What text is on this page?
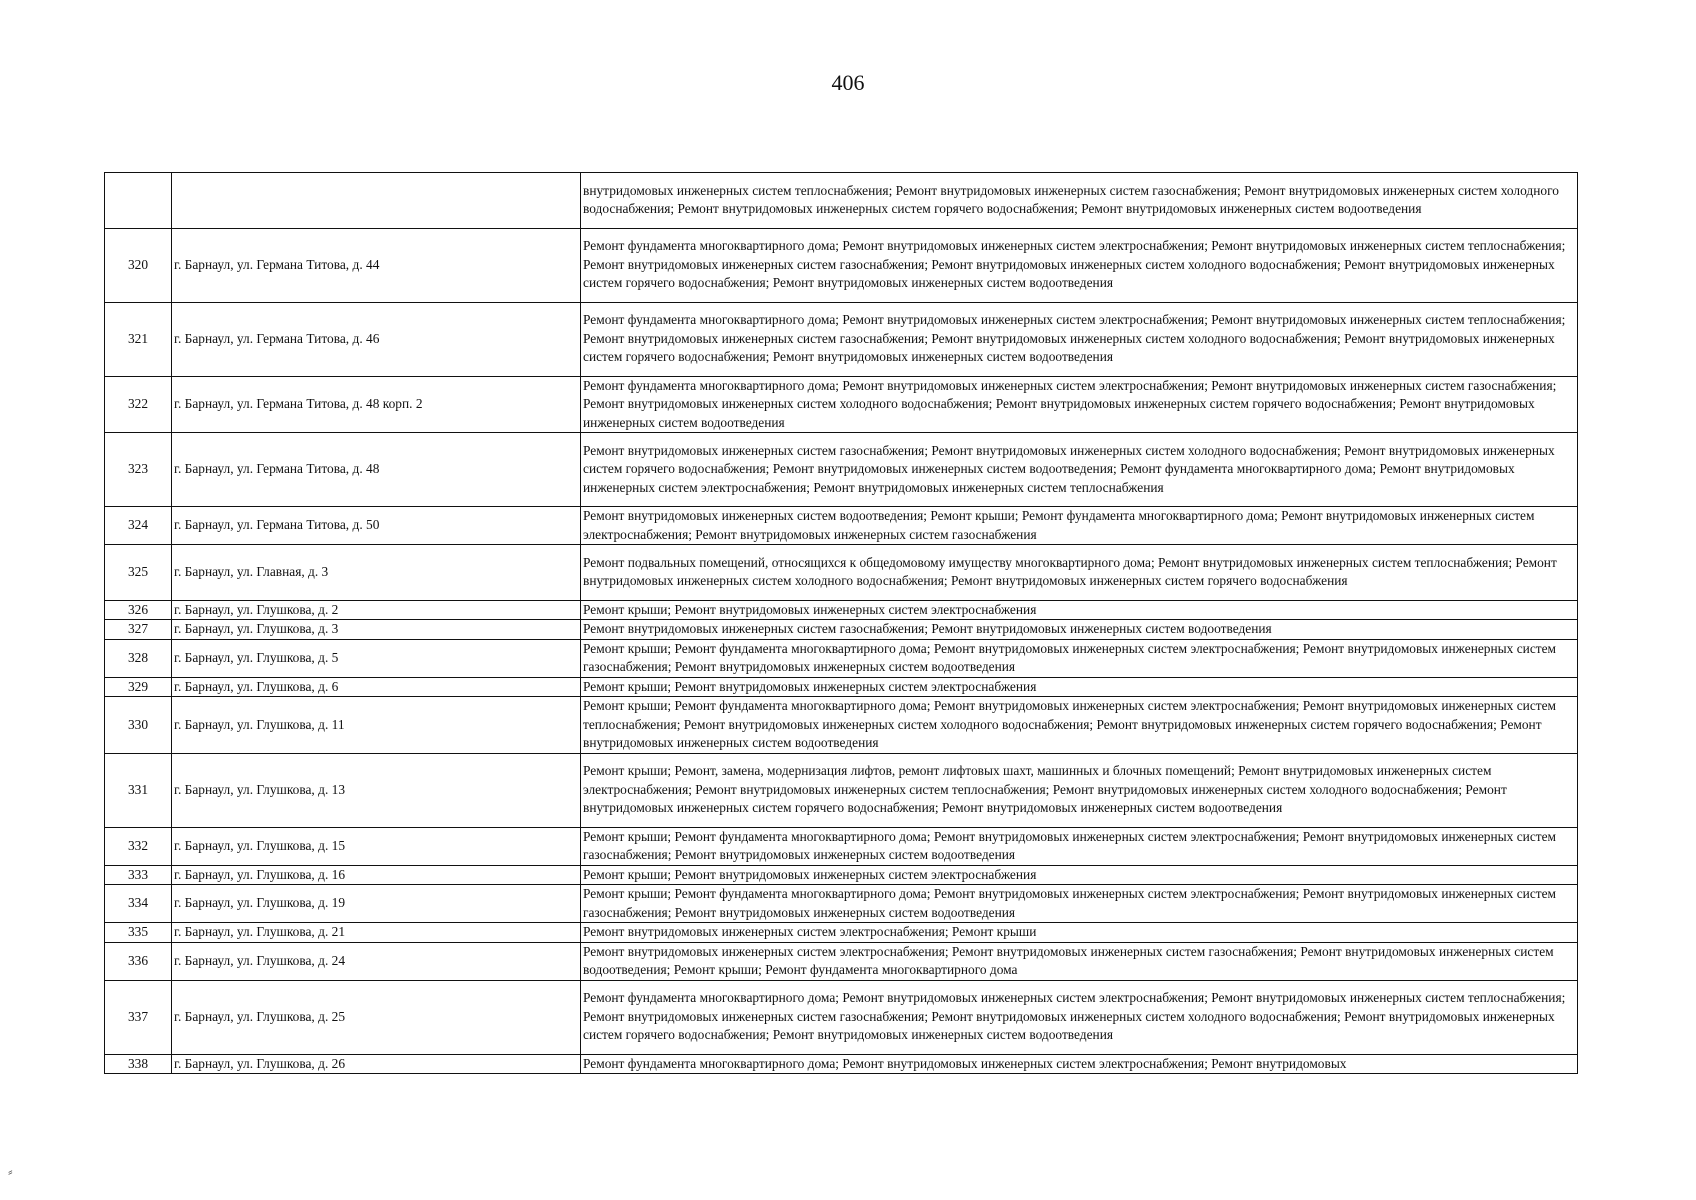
406
		внутридомовых инженерных систем теплоснабжения; Ремонт внутридомовых инженерных систем газоснабжения; Ремонт внутридомовых инженерных систем холодного водоснабжения; Ремонт внутридомовых инженерных систем горячего водоснабжения; Ремонт внутридомовых инженерных систем водоотведения
320	г. Барнаул, ул. Германа Титова, д. 44	Ремонт фундамента многоквартирного дома; Ремонт внутридомовых инженерных систем электроснабжения; Ремонт внутридомовых инженерных систем теплоснабжения; Ремонт внутридомовых инженерных систем газоснабжения; Ремонт внутридомовых инженерных систем холодного водоснабжения; Ремонт внутридомовых инженерных систем горячего водоснабжения; Ремонт внутридомовых инженерных систем водоотведения
321	г. Барнаул, ул. Германа Титова, д. 46	Ремонт фундамента многоквартирного дома; Ремонт внутридомовых инженерных систем электроснабжения; Ремонт внутридомовых инженерных систем теплоснабжения; Ремонт внутридомовых инженерных систем газоснабжения; Ремонт внутридомовых инженерных систем холодного водоснабжения; Ремонт внутридомовых инженерных систем горячего водоснабжения; Ремонт внутридомовых инженерных систем водоотведения
322	г. Барнаул, ул. Германа Титова, д. 48 корп. 2	Ремонт фундамента многоквартирного дома; Ремонт внутридомовых инженерных систем электроснабжения; Ремонт внутридомовых инженерных систем газоснабжения; Ремонт внутридомовых инженерных систем холодного водоснабжения; Ремонт внутридомовых инженерных систем горячего водоснабжения; Ремонт внутридомовых инженерных систем водоотведения
323	г. Барнаул, ул. Германа Титова, д. 48	Ремонт внутридомовых инженерных систем газоснабжения; Ремонт внутридомовых инженерных систем холодного водоснабжения; Ремонт внутридомовых инженерных систем горячего водоснабжения; Ремонт внутридомовых инженерных систем водоотведения; Ремонт фундамента многоквартирного дома; Ремонт внутридомовых инженерных систем электроснабжения; Ремонт внутридомовых инженерных систем теплоснабжения
324	г. Барнаул, ул. Германа Титова, д. 50	Ремонт внутридомовых инженерных систем водоотведения; Ремонт крыши; Ремонт фундамента многоквартирного дома; Ремонт внутридомовых инженерных систем электроснабжения; Ремонт внутридомовых инженерных систем газоснабжения
325	г. Барнаул, ул. Главная, д. 3	Ремонт подвальных помещений, относящихся к общедомовому имуществу многоквартирного дома; Ремонт внутридомовых инженерных систем теплоснабжения; Ремонт внутридомовых инженерных систем холодного водоснабжения; Ремонт внутридомовых инженерных систем горячего водоснабжения
326	г. Барнаул, ул. Глушкова, д. 2	Ремонт крыши; Ремонт внутридомовых инженерных систем электроснабжения
327	г. Барнаул, ул. Глушкова, д. 3	Ремонт внутридомовых инженерных систем газоснабжения; Ремонт внутридомовых инженерных систем водоотведения
328	г. Барнаул, ул. Глушкова, д. 5	Ремонт крыши; Ремонт фундамента многоквартирного дома; Ремонт внутридомовых инженерных систем электроснабжения; Ремонт внутридомовых инженерных систем газоснабжения; Ремонт внутридомовых инженерных систем водоотведения
329	г. Барнаул, ул. Глушкова, д. 6	Ремонт крыши; Ремонт внутридомовых инженерных систем электроснабжения
330	г. Барнаул, ул. Глушкова, д. 11	Ремонт крыши; Ремонт фундамента многоквартирного дома; Ремонт внутридомовых инженерных систем электроснабжения; Ремонт внутридомовых инженерных систем теплоснабжения; Ремонт внутридомовых инженерных систем холодного водоснабжения; Ремонт внутридомовых инженерных систем горячего водоснабжения; Ремонт внутридомовых инженерных систем водоотведения
331	г. Барнаул, ул. Глушкова, д. 13	Ремонт крыши; Ремонт, замена, модернизация лифтов, ремонт лифтовых шахт, машинных и блочных помещений; Ремонт внутридомовых инженерных систем электроснабжения; Ремонт внутридомовых инженерных систем теплоснабжения; Ремонт внутридомовых инженерных систем холодного водоснабжения; Ремонт внутридомовых инженерных систем горячего водоснабжения; Ремонт внутридомовых инженерных систем водоотведения
332	г. Барнаул, ул. Глушкова, д. 15	Ремонт крыши; Ремонт фундамента многоквартирного дома; Ремонт внутридомовых инженерных систем электроснабжения; Ремонт внутридомовых инженерных систем газоснабжения; Ремонт внутридомовых инженерных систем водоотведения
333	г. Барнаул, ул. Глушкова, д. 16	Ремонт крыши; Ремонт внутридомовых инженерных систем электроснабжения
334	г. Барнаул, ул. Глушкова, д. 19	Ремонт крыши; Ремонт фундамента многоквартирного дома; Ремонт внутридомовых инженерных систем электроснабжения; Ремонт внутридомовых инженерных систем газоснабжения; Ремонт внутридомовых инженерных систем водоотведения
335	г. Барнаул, ул. Глушкова, д. 21	Ремонт внутридомовых инженерных систем электроснабжения; Ремонт крыши
336	г. Барнаул, ул. Глушкова, д. 24	Ремонт внутридомовых инженерных систем электроснабжения; Ремонт внутридомовых инженерных систем газоснабжения; Ремонт внутридомовых инженерных систем водоотведения; Ремонт крыши; Ремонт фундамента многоквартирного дома
337	г. Барнаул, ул. Глушкова, д. 25	Ремонт фундамента многоквартирного дома; Ремонт внутридомовых инженерных систем электроснабжения; Ремонт внутридомовых инженерных систем теплоснабжения; Ремонт внутридомовых инженерных систем газоснабжения; Ремонт внутридомовых инженерных систем холодного водоснабжения; Ремонт внутридомовых инженерных систем горячего водоснабжения; Ремонт внутридомовых инженерных систем водоотведения
338	г. Барнаул, ул. Глушкова, д. 26	Ремонт фундамента многоквартирного дома; Ремонт внутридомовых инженерных систем электроснабжения; Ремонт внутридомовых
⸗
